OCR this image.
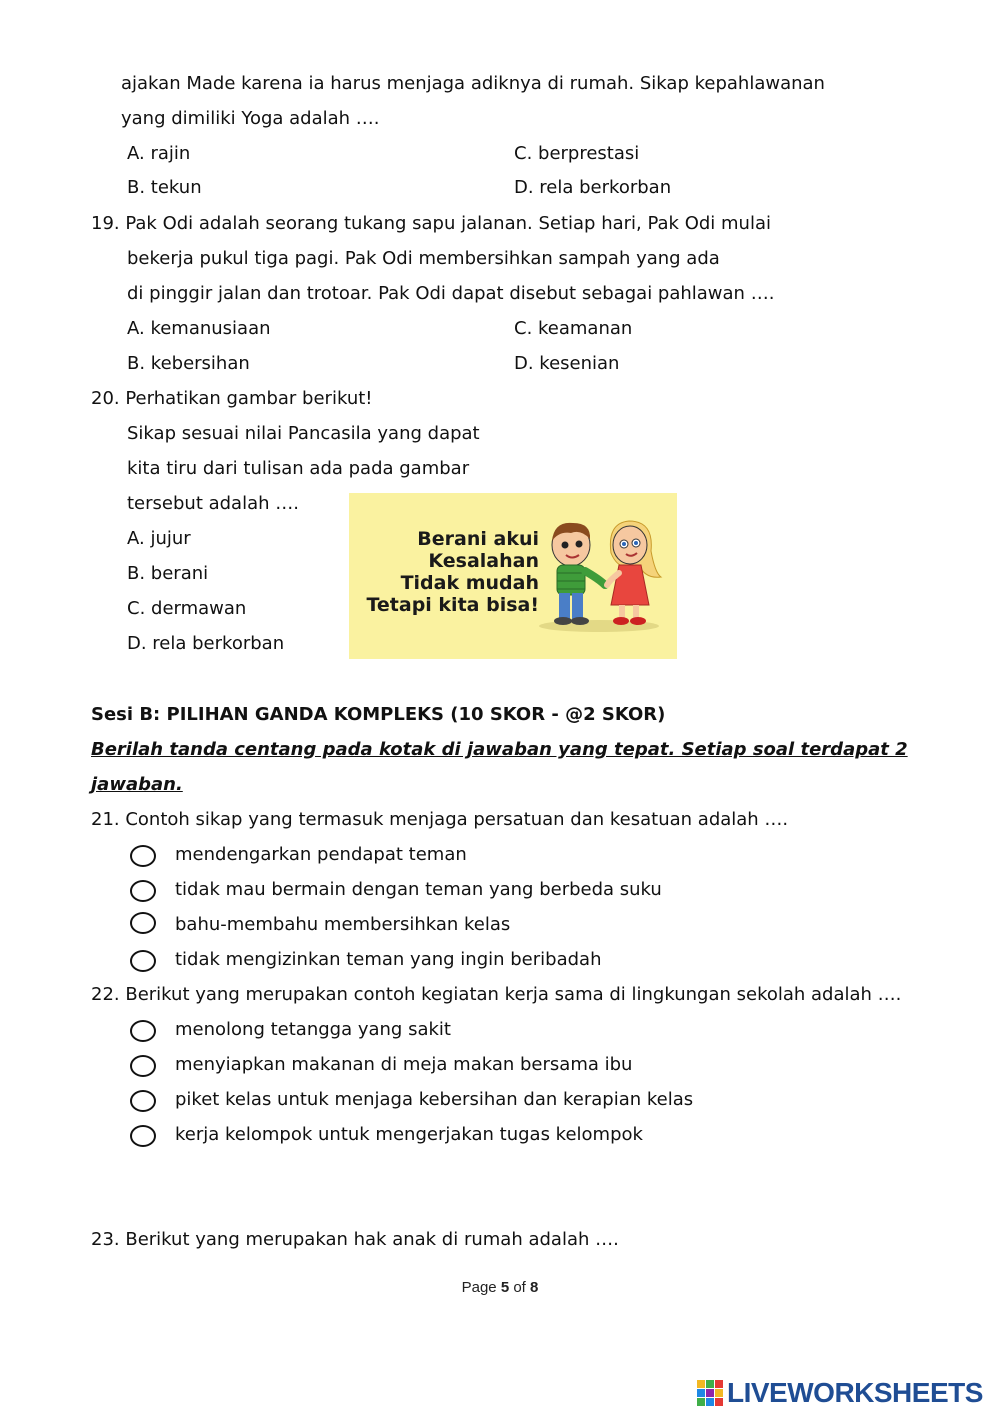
ajakan Made karena ia harus menjaga adiknya di rumah. Sikap kepahlawanan
yang dimiliki Yoga adalah ….
A. rajin
B. tekun
C. berprestasi
D. rela berkorban
19. Pak Odi adalah seorang tukang sapu jalanan. Setiap hari, Pak Odi mulai
bekerja pukul tiga pagi. Pak Odi membersihkan sampah yang ada
di pinggir jalan dan trotoar. Pak Odi dapat disebut sebagai pahlawan ….
A. kemanusiaan
B. kebersihan
C. keamanan
D. kesenian
20. Perhatikan gambar berikut!
Sikap sesuai nilai Pancasila yang dapat
kita tiru dari tulisan ada pada gambar
tersebut adalah ….
A. jujur
B. berani
C. dermawan
D. rela berkorban
Berani akui
Kesalahan
Tidak mudah
Tetapi kita bisa!
Sesi B: PILIHAN GANDA KOMPLEKS (10 SKOR - @2 SKOR)
Berilah tanda centang pada kotak di jawaban yang tepat. Setiap soal terdapat 2
jawaban.
21. Contoh sikap yang termasuk menjaga persatuan dan kesatuan adalah ….
mendengarkan pendapat teman
tidak mau bermain dengan teman yang berbeda suku
bahu-membahu membersihkan kelas
tidak mengizinkan teman yang ingin beribadah
22. Berikut yang merupakan contoh kegiatan kerja sama di lingkungan sekolah adalah ….
menolong tetangga yang sakit
menyiapkan makanan di meja makan bersama ibu
piket kelas untuk menjaga kebersihan dan kerapian kelas
kerja kelompok untuk mengerjakan tugas kelompok
23. Berikut yang merupakan hak anak di rumah adalah ….
Page 5 of 8
LIVEWORKSHEETS
